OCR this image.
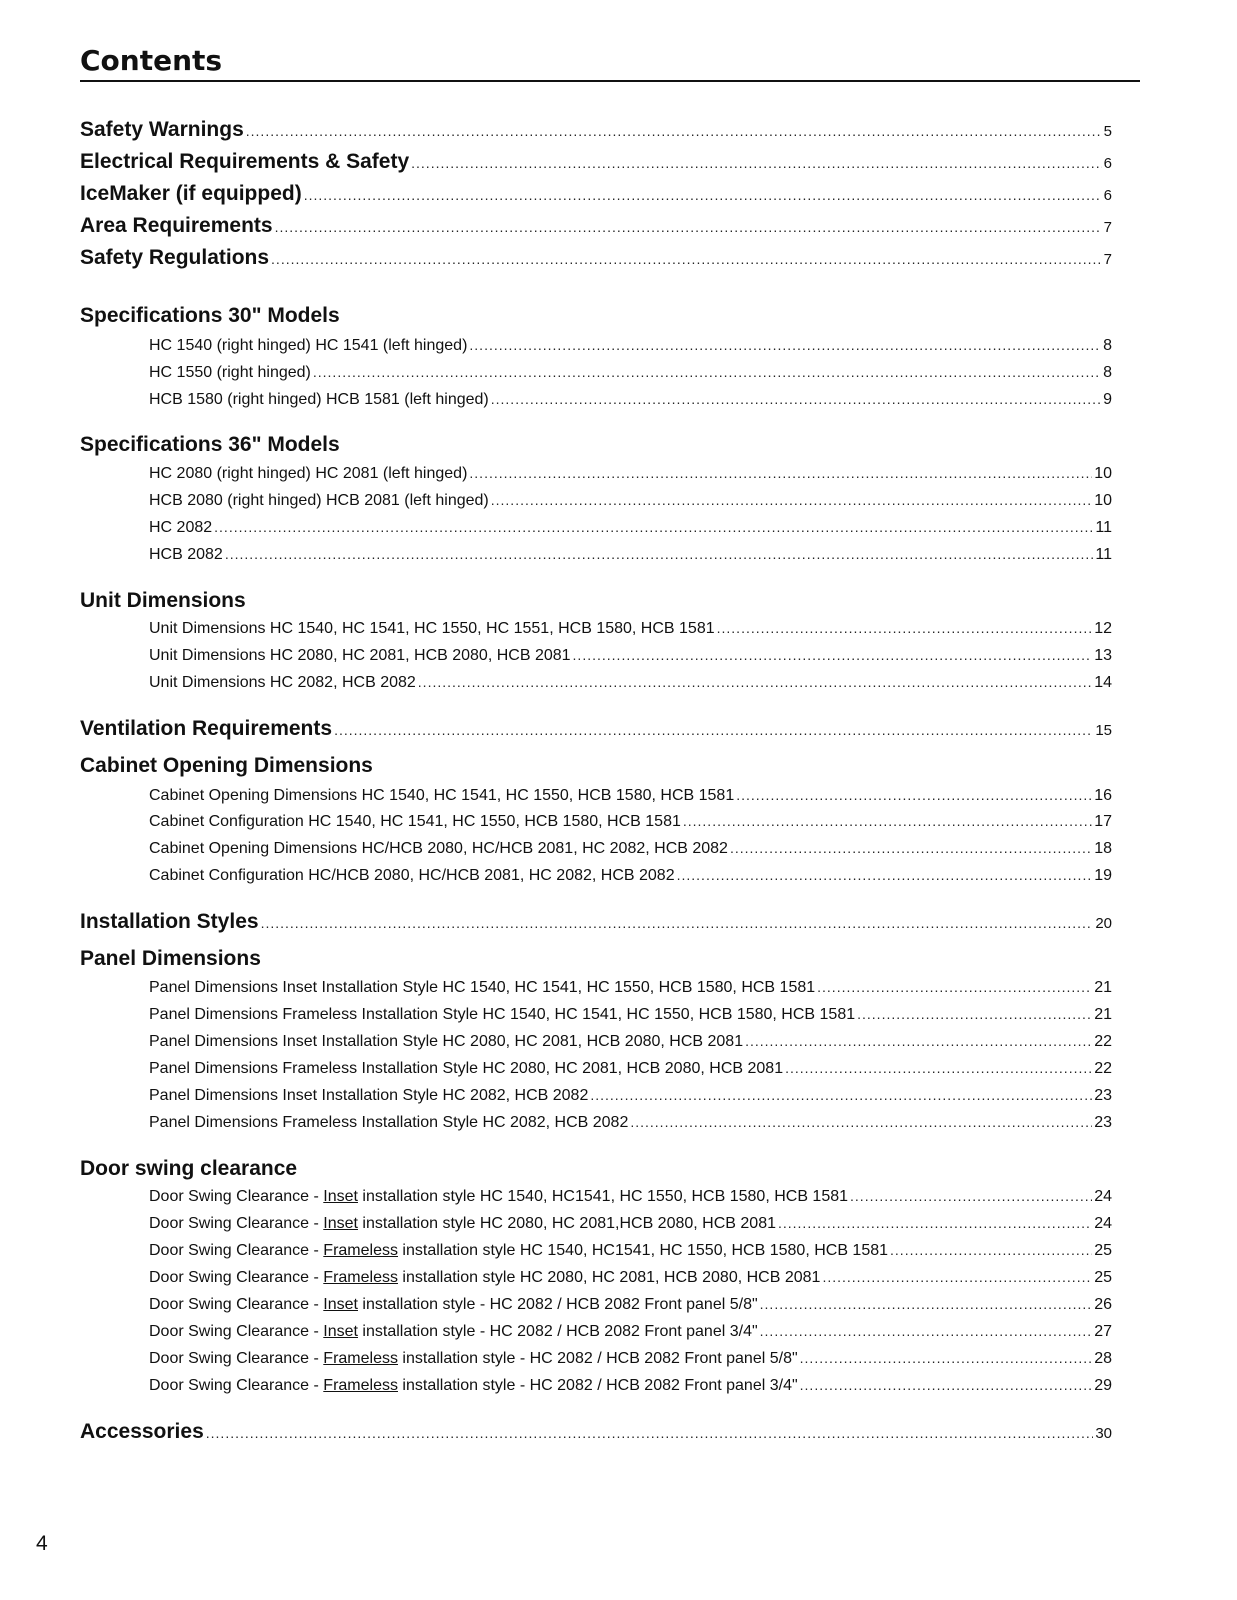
Contents
Safety Warnings .....	5
Electrical Requirements & Safety .....	6
IceMaker (if equipped) .....	6
Area Requirements .....	7
Safety Regulations .....	7
Specifications 30" Models
HC 1540 (right hinged) HC 1541 (left hinged) .....	8
HC 1550 (right hinged) .....	8
HCB 1580 (right hinged) HCB 1581 (left hinged) .....	9
Specifications 36" Models
HC 2080 (right hinged) HC 2081 (left hinged) .....	10
HCB 2080 (right hinged) HCB 2081 (left hinged) .....	10
HC 2082 .....	11
HCB 2082 .....	11
Unit Dimensions
Unit Dimensions HC 1540, HC 1541, HC 1550, HC 1551, HCB 1580, HCB 1581 .....	12
Unit Dimensions HC 2080, HC 2081, HCB 2080, HCB 2081 .....	13
Unit Dimensions HC 2082, HCB 2082 .....	14
Ventilation Requirements .....	15
Cabinet Opening Dimensions
Cabinet Opening Dimensions HC 1540, HC 1541, HC 1550, HCB 1580, HCB 1581 .....	16
Cabinet Configuration HC 1540, HC 1541, HC 1550, HCB 1580, HCB 1581 .....	17
Cabinet Opening Dimensions HC/HCB 2080, HC/HCB 2081, HC 2082, HCB 2082 .....	18
Cabinet Configuration HC/HCB 2080, HC/HCB 2081, HC 2082, HCB 2082 .....	19
Installation Styles .....	20
Panel Dimensions
Panel Dimensions Inset Installation Style HC 1540, HC 1541, HC 1550, HCB 1580, HCB 1581 .....	21
Panel Dimensions Frameless Installation Style HC 1540, HC 1541, HC 1550, HCB 1580, HCB 1581 .....	21
Panel Dimensions Inset Installation Style HC 2080, HC 2081, HCB 2080, HCB 2081 .....	22
Panel Dimensions Frameless Installation Style HC 2080, HC 2081, HCB 2080, HCB 2081 .....	22
Panel Dimensions Inset Installation Style HC 2082, HCB 2082 .....	23
Panel Dimensions Frameless Installation Style HC 2082, HCB 2082 .....	23
Door swing clearance
Door Swing Clearance - Inset installation style HC 1540, HC1541, HC 1550, HCB 1580, HCB 1581 .....	24
Door Swing Clearance - Inset installation style HC 2080, HC 2081,HCB 2080, HCB 2081 .....	24
Door Swing Clearance - Frameless installation style HC 1540, HC1541, HC 1550, HCB 1580, HCB 1581 .....	25
Door Swing Clearance - Frameless installation style HC 2080, HC 2081, HCB 2080, HCB 2081 .....	25
Door Swing Clearance - Inset installation style - HC 2082 / HCB 2082 Front panel 5/8" .....	26
Door Swing Clearance - Inset installation style - HC 2082 / HCB 2082 Front panel 3/4" .....	27
Door Swing Clearance - Frameless installation style - HC 2082 / HCB 2082 Front panel 5/8" .....	28
Door Swing Clearance - Frameless installation style - HC 2082 / HCB 2082 Front panel 3/4" .....	29
Accessories .....	30
4
